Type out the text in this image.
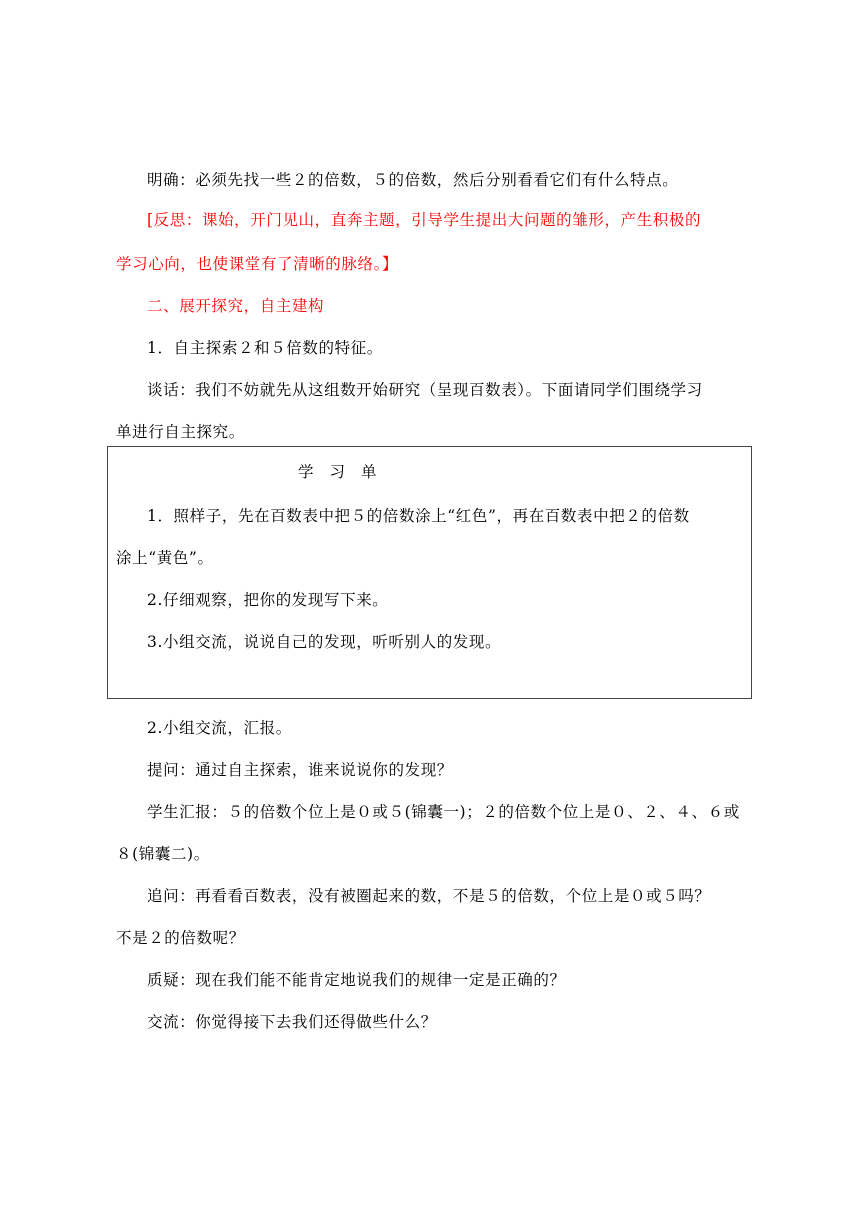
明确：必须先找一些２的倍数，５的倍数，然后分别看看它们有什么特点。
[反思：课始，开门见山，直奔主题，引导学生提出大问题的雏形，产生积极的
学习心向，也使课堂有了清晰的脉络。】
二、展开探究，自主建构
1．自主探索２和５倍数的特征。
谈话：我们不妨就先从这组数开始研究（呈现百数表）。下面请同学们围绕学习
单进行自主探究。
学习单
1．照样子，先在百数表中把５的倍数涂上“红色”，再在百数表中把２的倍数
涂上“黄色”。
2.仔细观察，把你的发现写下来。
3.小组交流，说说自己的发现，听听别人的发现。
2.小组交流，汇报。
提问：通过自主探索，谁来说说你的发现？
学生汇报：５的倍数个位上是０或５(锦囊一)；２的倍数个位上是０、２、４、６或
８(锦囊二)。
追问：再看看百数表，没有被圈起来的数，不是５的倍数，个位上是０或５吗？
不是２的倍数呢？
质疑：现在我们能不能肯定地说我们的规律一定是正确的？
交流：你觉得接下去我们还得做些什么？
